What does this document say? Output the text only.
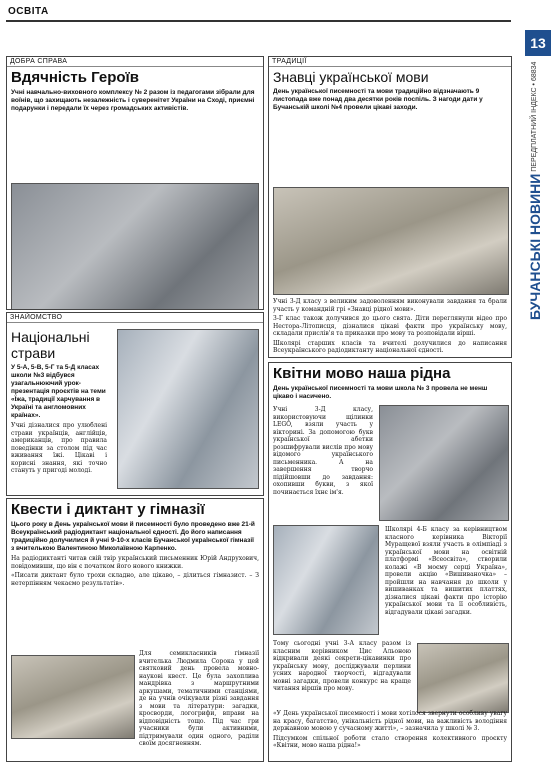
ОСВІТА
13
БУЧАНСЬКІ НОВИНИ ПЕРЕДПЛАТНИЙ ІНДЕКС • 68834
ДОБРА СПРАВА
Вдячність Героїв
Учні навчально-виховного комплексу № 2 разом із педагогами зібрали для воїнів, що захищають незалежність і суверенітет України на Сході, приємні подарунки і передали їх через громадських активістів.
ТРАДИЦІЇ
Знавці української мови
День української писемності та мови традиційно відзначають 9 листопада вже понад два десятки років поспіль. З нагоди дати у Бучанській школі №4 провели цікаві заходи.
Учні 3-Д класу з великим задоволенням виконували завдання та брали участь у командній грі «Знавці рідної мови».
3-Г клас також долучився до цього свята. Діти переглянули відео про Нестора-Літописця, дізналися цікаві факти про українську мову, складали прислів'я та приказки про мову та розповідали вірші.
Школярі старших класів та вчителі долучилися до написання Всеукраїнського радіодиктанту національної єдності.
ЗНАЙОМСТВО
Національні страви
У 5-А, 5-В, 5-Г та 5-Д класах школи №3 відбувся узагальнюючий урок-презентація проєктів на теми «Їжа, традиції харчування в Україні та англомовних країнах».
Учні дізналися про улюблені страви українців, англійців, американців, про правила поведінки за столом під час вживання їжі. Цікаві і корисні знання, які точно стануть у пригоді молоді.
Квести і диктант у гімназії
Цього року в День української мови й писемності було проведено вже 21-й Всеукраїнський радіодиктант національної єдності. До його написання традиційно долучилися й учні 9-10-х класів Бучанської української гімназії з вчителькою Валентиною Миколаївною Карпенко.
На радіодиктанті читав свій твір український письменник Юрій Андрухович, повідомивши, що він є початком його нового книжки.
«Писати диктант було трохи складно, але цікаво, – ділиться гімназист. – З нетерпінням чекаємо результатів».
Для семикласників гімназії вчителька Людмила Сорока у цей святковий день провела мовно-наукові квест. Це була захоплива мандрівка з маршрутними аркушами, тематичними станціями, де на учнів очікували різні завдання з мови та літератури: загадки, кросворди, логогрифи, вправи на відповідність тощо. Під час гри учасники були активними, підтримували один одного, раділи своїм досягненням.
Квітни мово наша рідна
День української писемності та мови школа № 3 провела не менш цікаво і насичено.
Учні 3-Д класу, використовуючи щілинки LEGO, взяли участь у вікторині. За допомогою букв української абетки розшифрували вислів про мову відомого українського письменника. А на завершення творчо підійшовши до завдання: охопивши букви, з якої починається їхнє ім'я.
Школярі 4-Б класу за керівництвом класного керівника Вікторії Муращевої взяли участь в олімпіаді з української мови на освітній платформі «Всеосвіта», створили колажі «В моєму серці Україна», провели акцію «Вишиваночка» – пройшли на навчання до школи у вишиванках та вишитих платтях, дізналися цікаві факти про історію української мови та її особливість, відгадували цікаві загадки.
Тому сьогодні учні 3-А класу разом із класним керівником Цис Альоною відкривали деякі секрети-цікавинки про українську мову, досліджували перлини усних народної творчості, відгадували мовні загадки, провели конкурс на краще читання віршів про мову.
«У День української писемності і мови хотілося звернути особливу увагу на красу, багатство, унікальність рідної мови, на важливість володіння державною мовою у сучасному житті», – зазначила у школі № 3.
Підсумком спільної роботи стало створення колективного проєкту «Квітни, мово наша рідна!»
